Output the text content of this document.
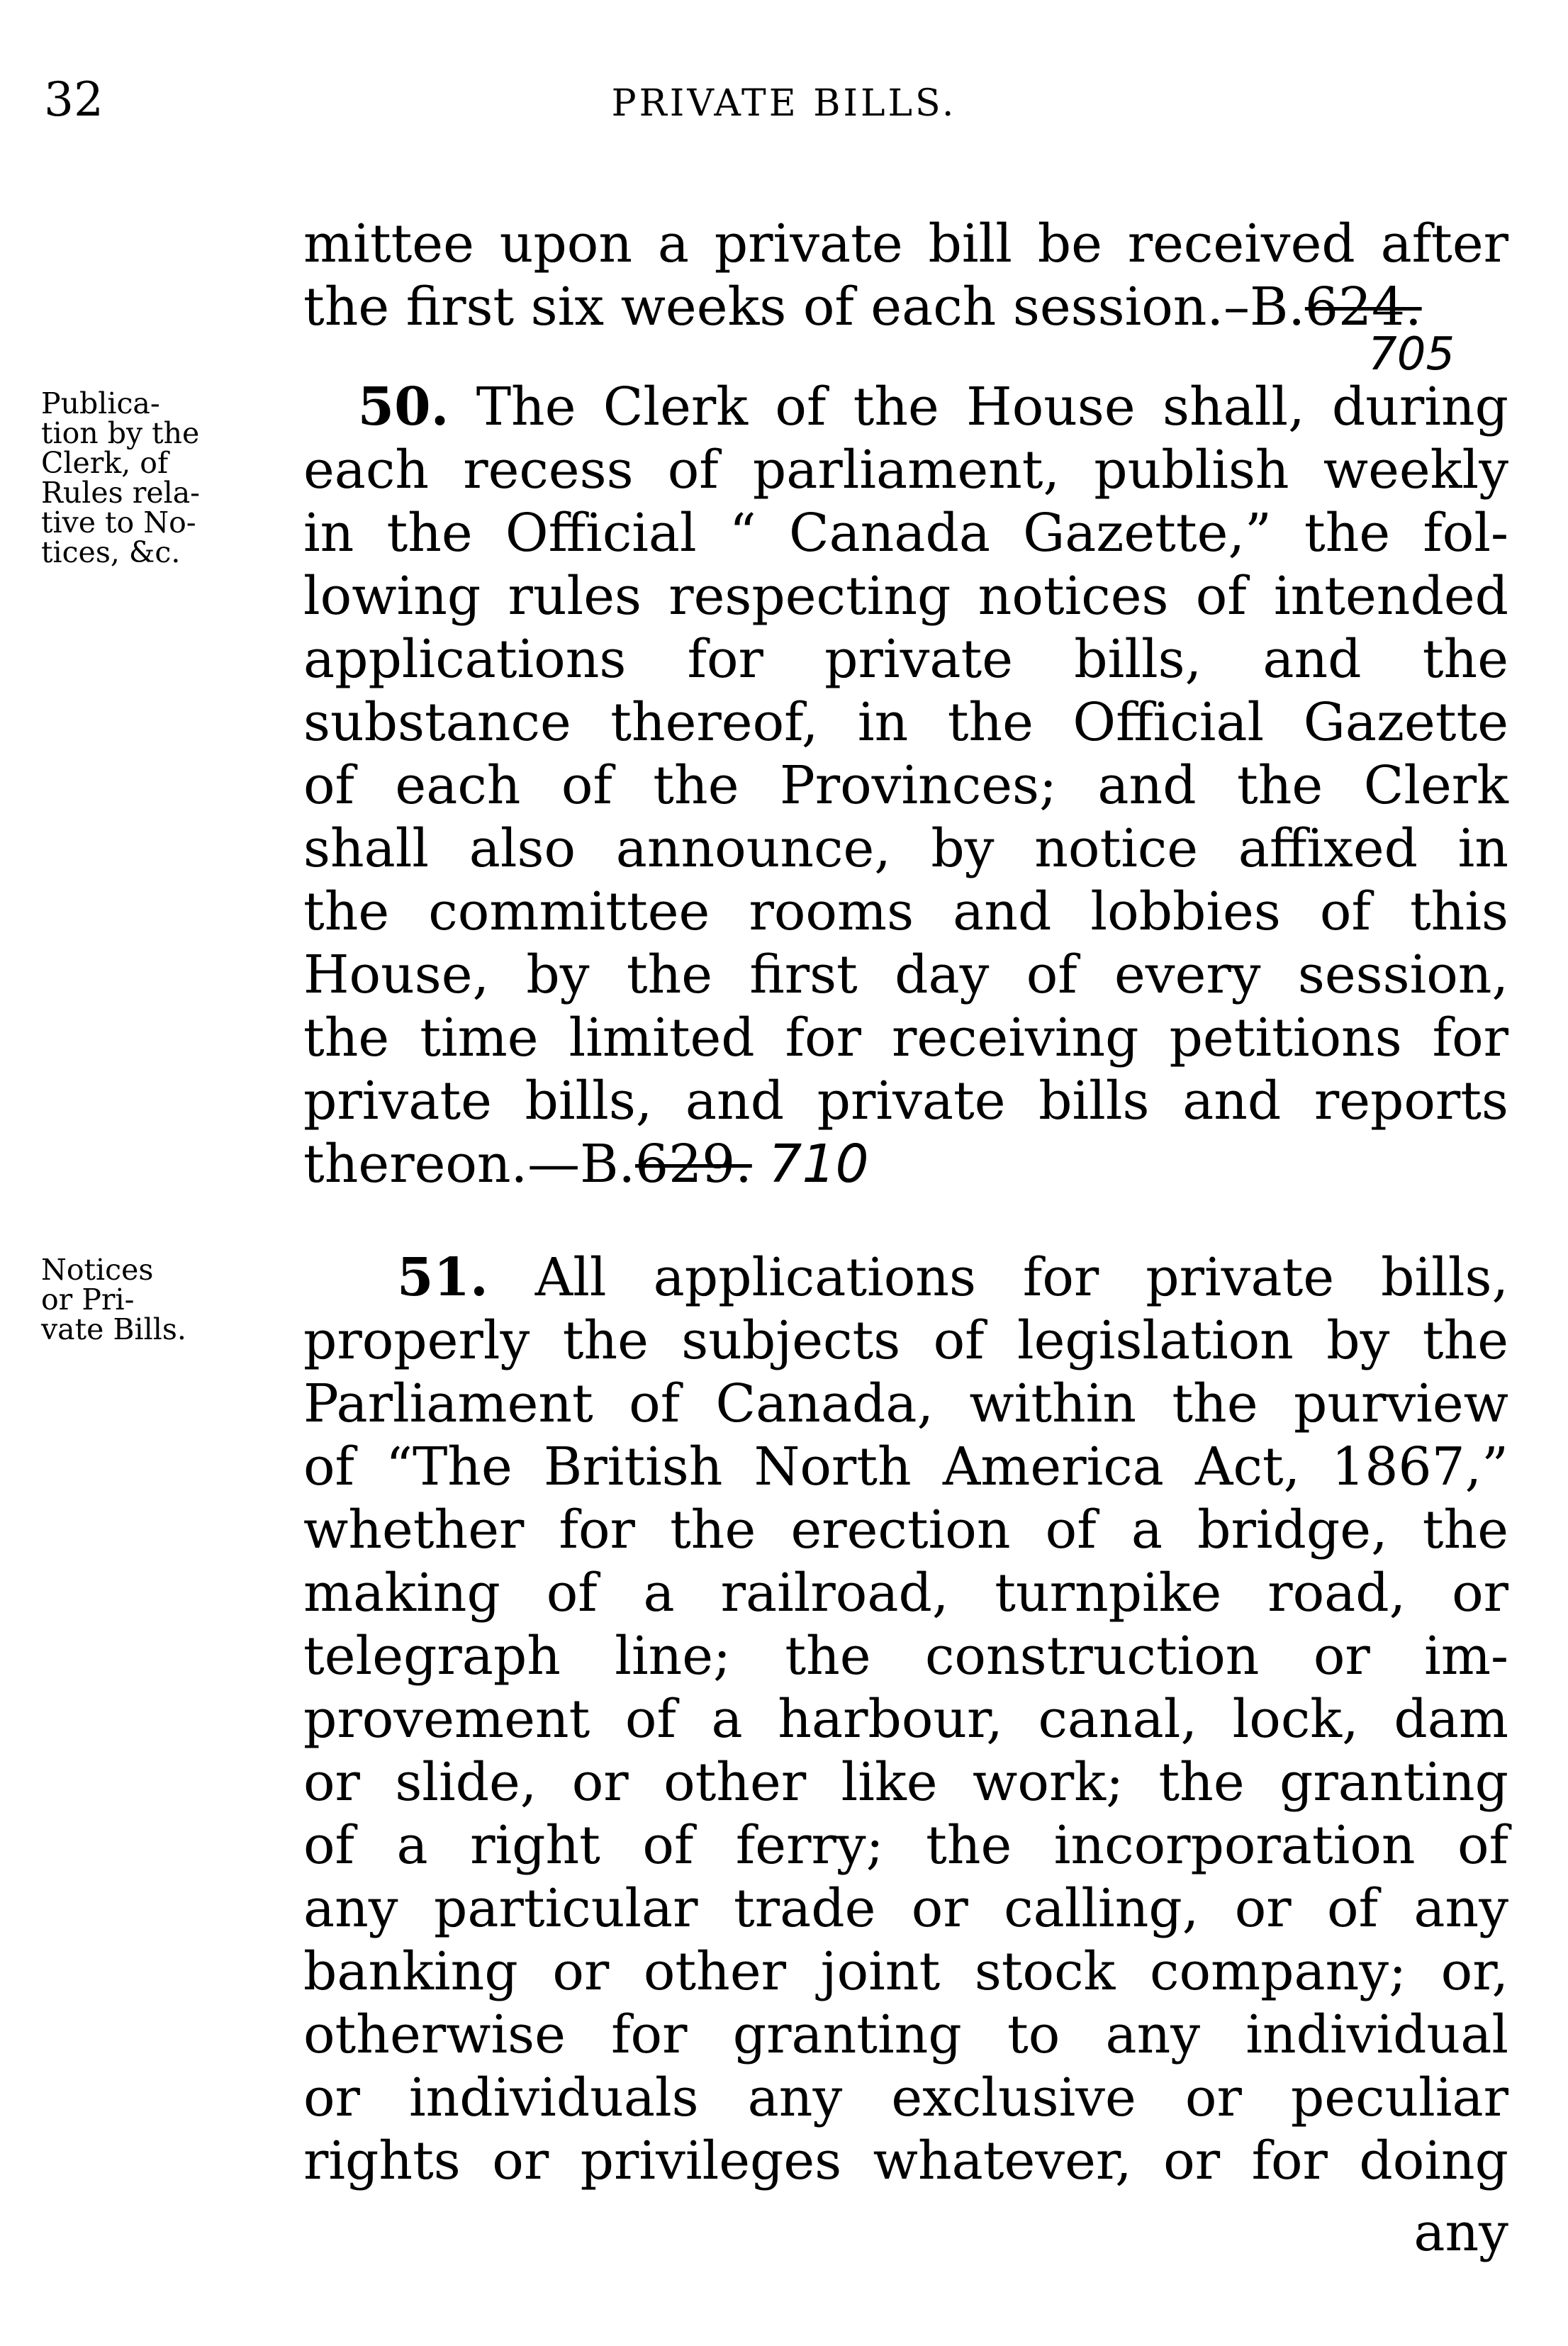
32	PRIVATE BILLS.
mittee upon a private bill be received after
the first six weeks of each session.–B.624.
705
Publica-
tion by the
Clerk, of
Rules rela-
tive to No-
tices, &c.
50. The Clerk of the House shall, during
each recess of parliament, publish weekly
in the Official “ Canada Gazette,” the fol-
lowing rules respecting notices of intended
applications for private bills, and the
substance thereof, in the Official Gazette
of each of the Provinces; and the Clerk
shall also announce, by notice affixed in
the committee rooms and lobbies of this
House, by the first day of every session,
the time limited for receiving petitions for
private bills, and private bills and reports
thereon.—B.629. 710
Notices
or Pri-
vate Bills.
51. All applications for private bills,
properly the subjects of legislation by the
Parliament of Canada, within the purview
of “The British North America Act, 1867,”
whether for the erection of a bridge, the
making of a railroad, turnpike road, or
telegraph line; the construction or im-
provement of a harbour, canal, lock, dam
or slide, or other like work; the granting
of a right of ferry; the incorporation of
any particular trade or calling, or of any
banking or other joint stock company; or,
otherwise for granting to any individual
or individuals any exclusive or peculiar
rights or privileges whatever, or for doing
any
